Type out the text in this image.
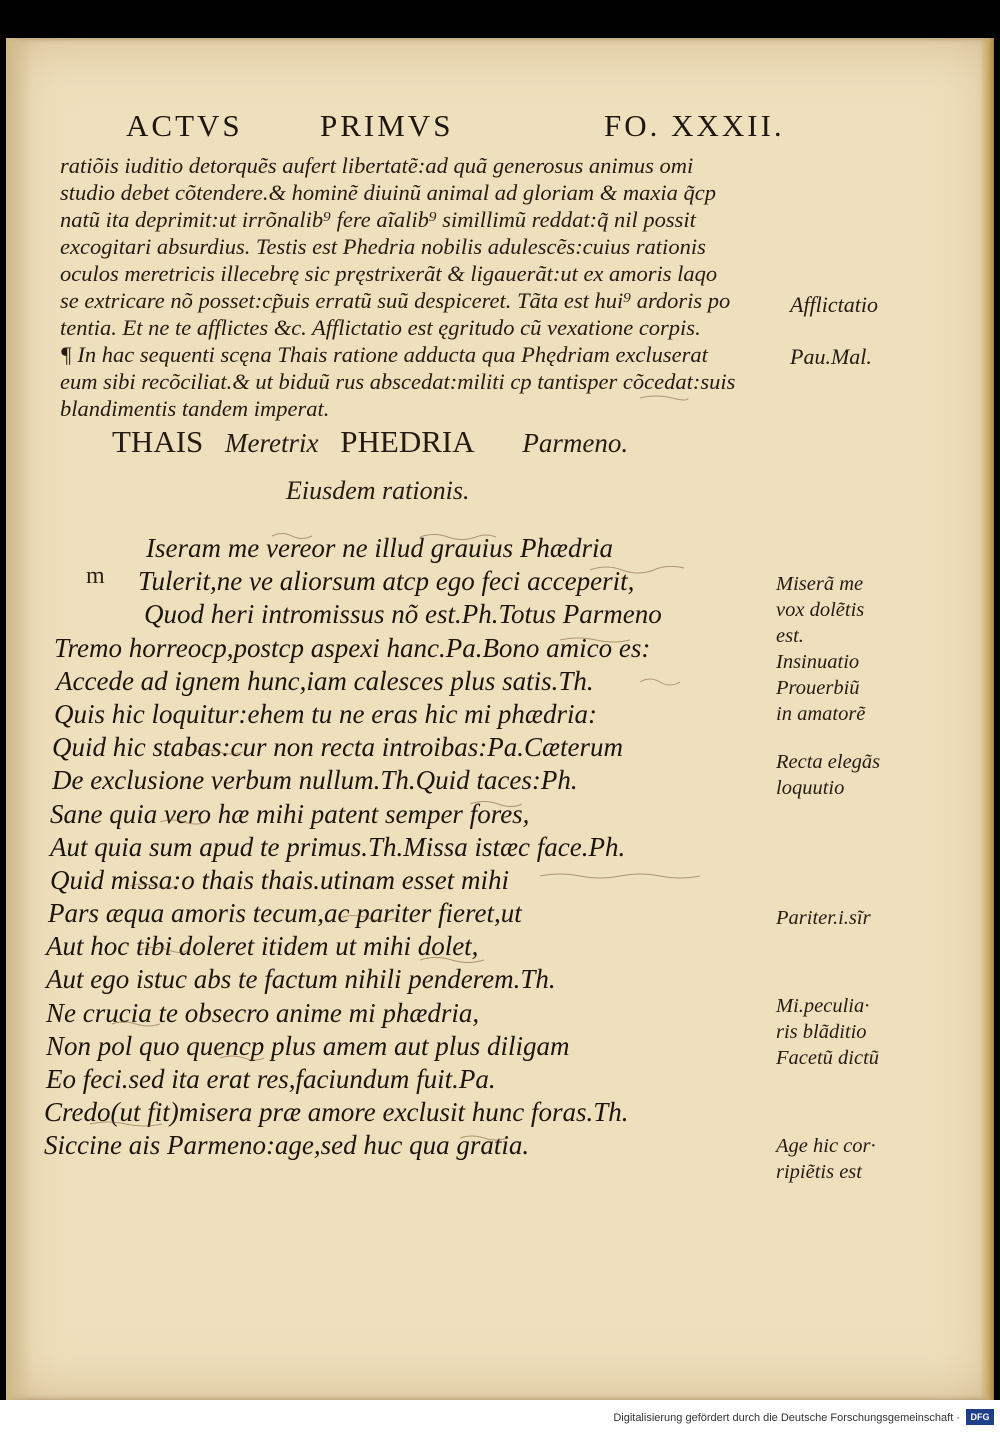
ACTVS PRIMVS	FO. XXXII.
ratiõis iuditio detorquẽs aufert libertatẽ:ad quã generosus animus omi
studio debet cõtendere.& hominẽ diuinũ animal ad gloriam & maxia q̃cp
natũ ita deprimit:ut irrõnalib⁹ fere aĩalib⁹ simillimũ reddat:q̃ nil possit
excogitari absurdius. Testis est Phedria nobilis adulescẽs:cuius rationis
oculos meretricis illecebrę sic pręstrixerãt & ligauerãt:ut ex amoris laqo
se extricare nõ posset:cp̃uis erratũ suũ despiceret. Tãta est hui⁹ ardoris po
tentia. Et ne te afflictes &c. Afflictatio est ęgritudo cũ vexatione corpis.
¶ In hac sequenti scęna Thais ratione adducta qua Phędriam excluserat
eum sibi recõciliat.& ut biduũ rus abscedat:militi cp tantisper cõcedat:suis
blandimentis tandem imperat.
Afflictatio
Pau.Mal.
THAIS Meretrix PHEDRIA Parmeno.
Eiusdem rationis.
m
Iseram me vereor ne illud grauius Phædria
Tulerit,ne ve aliorsum atcp ego feci acceperit,
Quod heri intromissus nõ est.Ph.Totus Parmeno
Tremo horreocp,postcp aspexi hanc.Pa.Bono amico es:
Accede ad ignem hunc,iam calesces plus satis.Th.
Quis hic loquitur:ehem tu ne eras hic mi phædria:
Quid hic stabas:cur non recta introibas:Pa.Cæterum
De exclusione verbum nullum.Th.Quid taces:Ph.
Sane quia vero hæ mihi patent semper fores,
Aut quia sum apud te primus.Th.Missa istæc face.Ph.
Quid missa:o thais thais.utinam esset mihi
Pars æqua amoris tecum,ac pariter fieret,ut
Aut hoc tibi doleret itidem ut mihi dolet,
Aut ego istuc abs te factum nihili penderem.Th.
Ne crucia te obsecro anime mi phædria,
Non pol quo quencp plus amem aut plus diligam
Eo feci.sed ita erat res,faciundum fuit.Pa.
Credo(ut fit)misera præ amore exclusit hunc foras.Th.
Siccine ais Parmeno:age,sed huc qua gratia.
Miserã me
vox dolẽtis
est.
Insinuatio
Prouerbiũ
in amatorẽ
Recta elegãs
loquutio
Pariter.i.sĩr
Mi.peculia·
ris blãditio
Facetũ dictũ
Age hic cor·
ripiẽtis est
Digitalisierung gefördert durch die Deutsche Forschungsgemeinschaft ·	DFG
